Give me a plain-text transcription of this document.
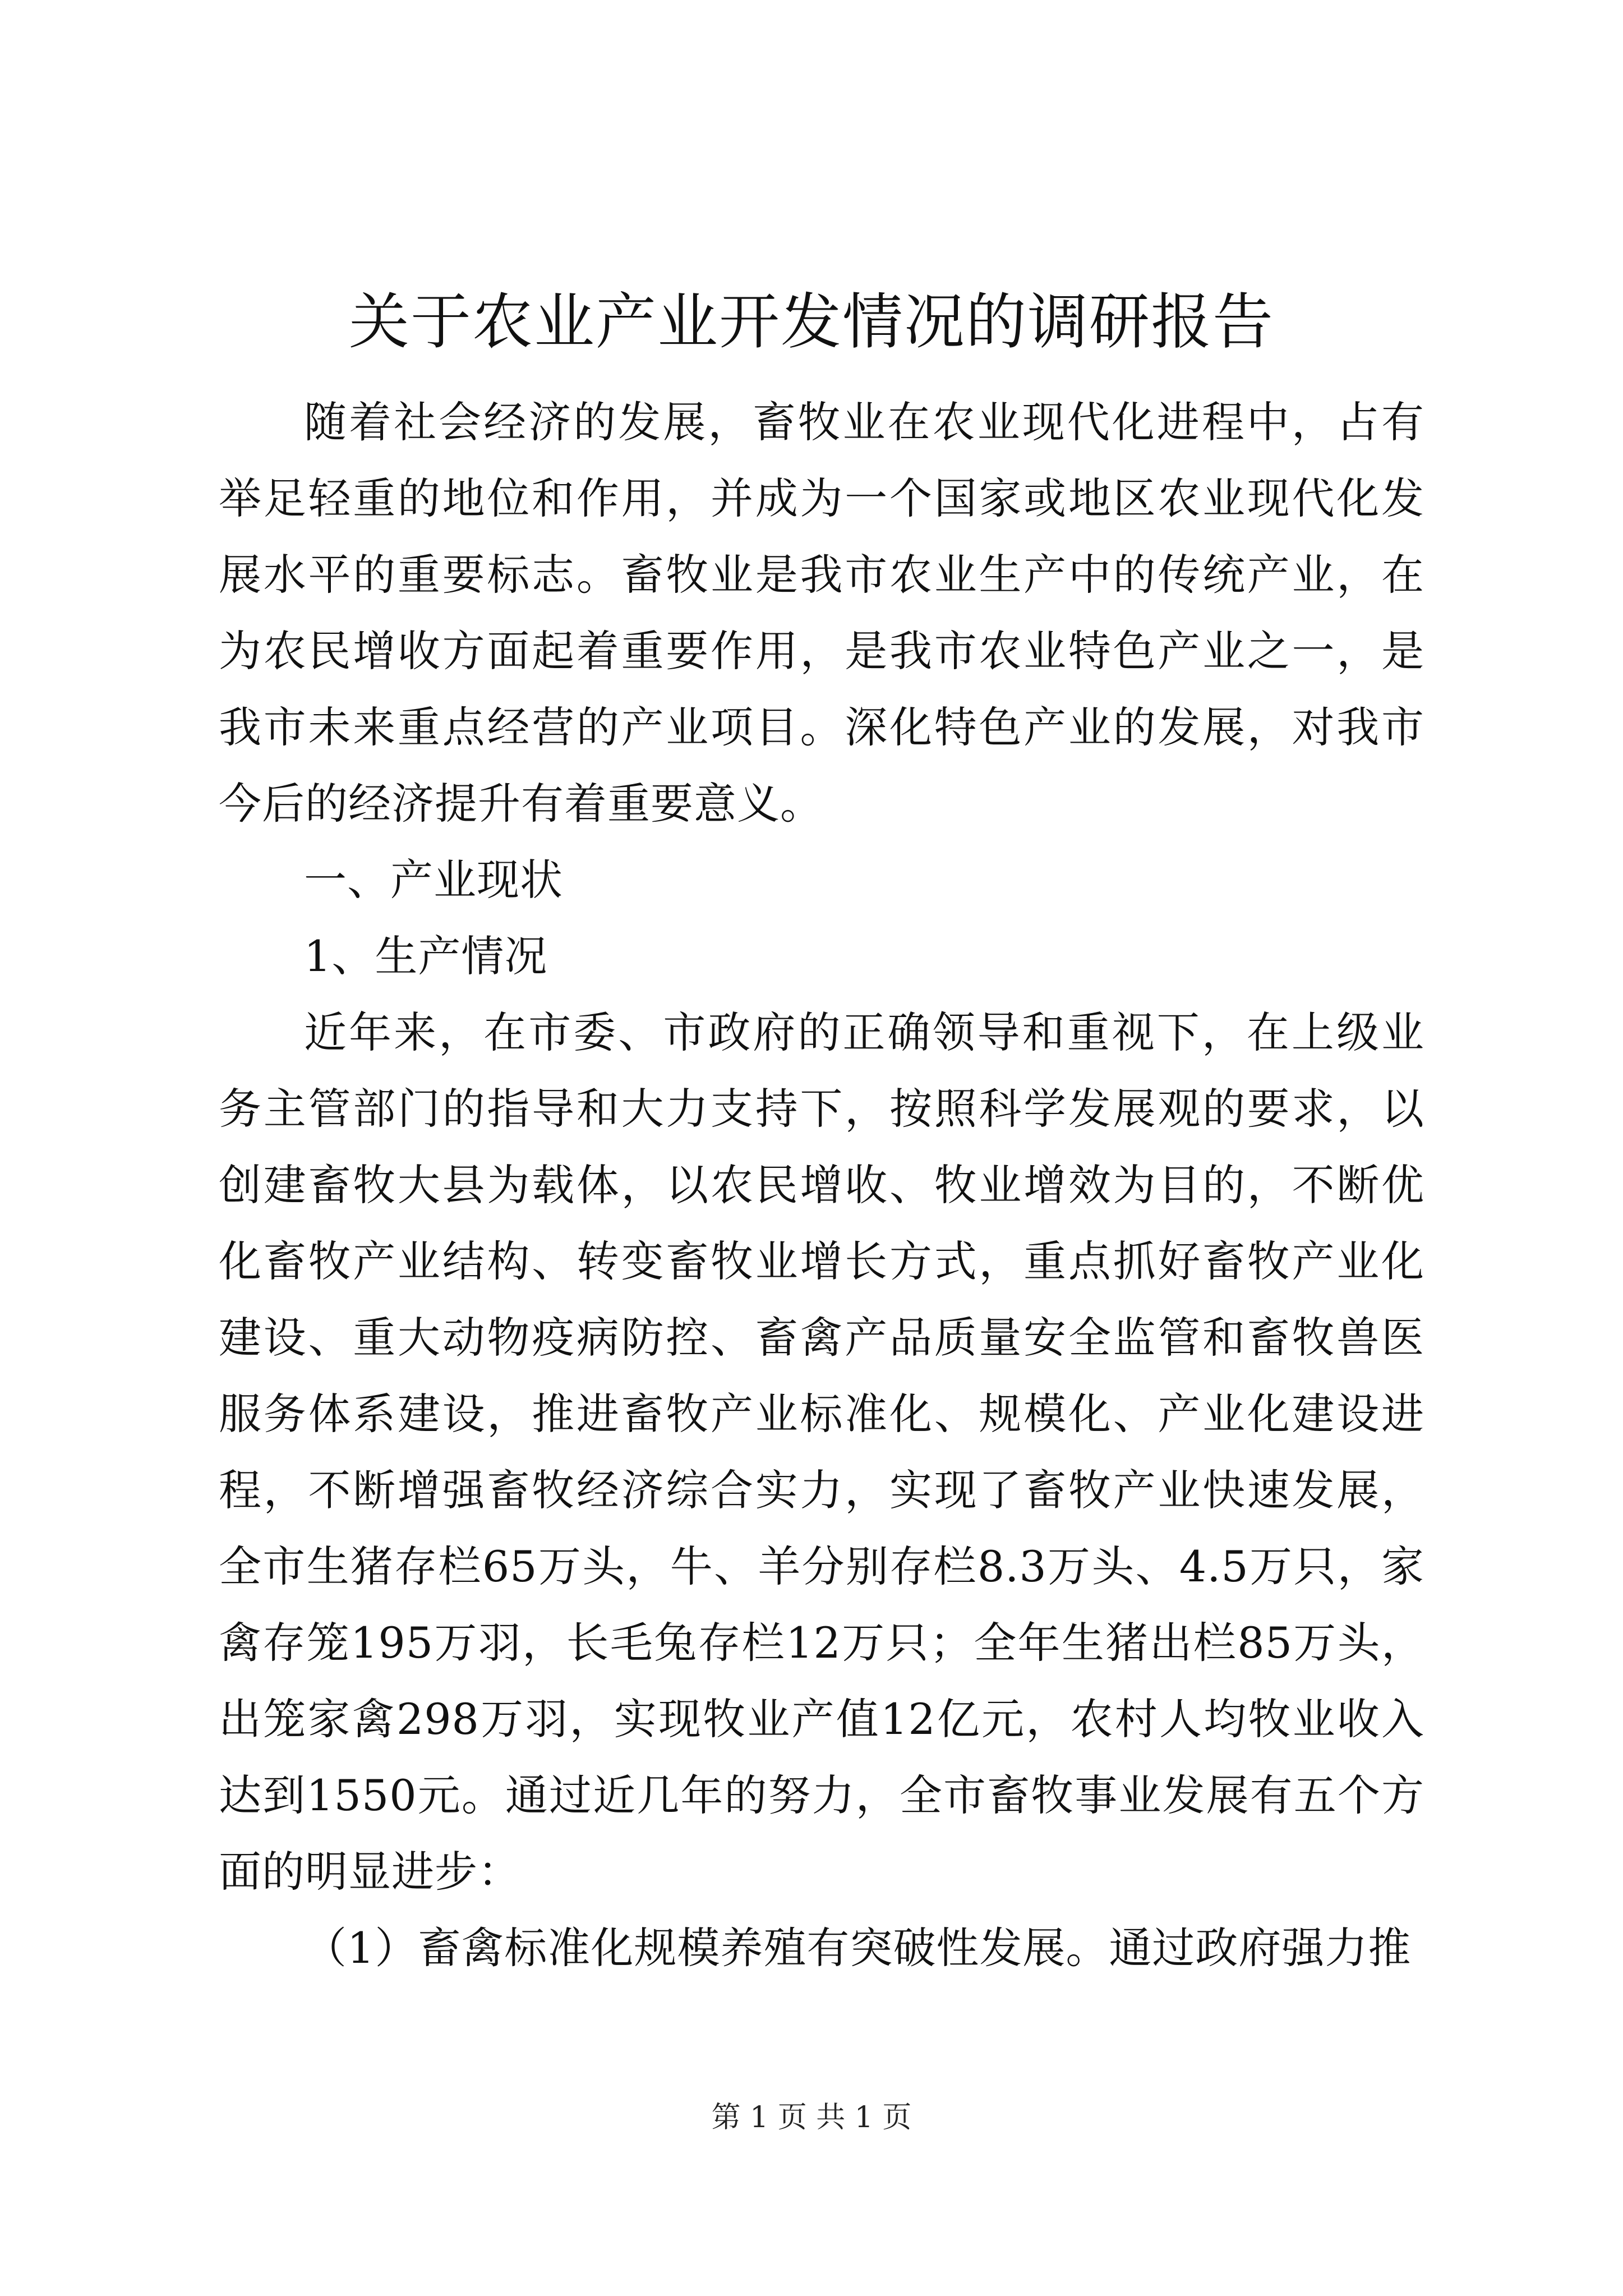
关于农业产业开发情况的调研报告

随着社会经济的发展，畜牧业在农业现代化进程中，占有举足轻重的地位和作用，并成为一个国家或地区农业现代化发展水平的重要标志。畜牧业是我市农业生产中的传统产业，在为农民增收方面起着重要作用，是我市农业特色产业之一，是我市未来重点经营的产业项目。深化特色产业的发展，对我市今后的经济提升有着重要意义。

一、产业现状

1、生产情况

近年来，在市委、市政府的正确领导和重视下，在上级业务主管部门的指导和大力支持下，按照科学发展观的要求，以创建畜牧大县为载体，以农民增收、牧业增效为目的，不断优化畜牧产业结构、转变畜牧业增长方式，重点抓好畜牧产业化建设、重大动物疫病防控、畜禽产品质量安全监管和畜牧兽医服务体系建设，推进畜牧产业标准化、规模化、产业化建设进程，不断增强畜牧经济综合实力，实现了畜牧产业快速发展，全市生猪存栏65万头，牛、羊分别存栏8.3万头、4.5万只，家禽存笼195万羽，长毛兔存栏12万只；全年生猪出栏85万头，出笼家禽298万羽，实现牧业产值12亿元，农村人均牧业收入达到1550元。通过近几年的努力，全市畜牧事业发展有五个方面的明显进步：

（1）畜禽标准化规模养殖有突破性发展。通过政府强力推

第 1 页 共 1 页
